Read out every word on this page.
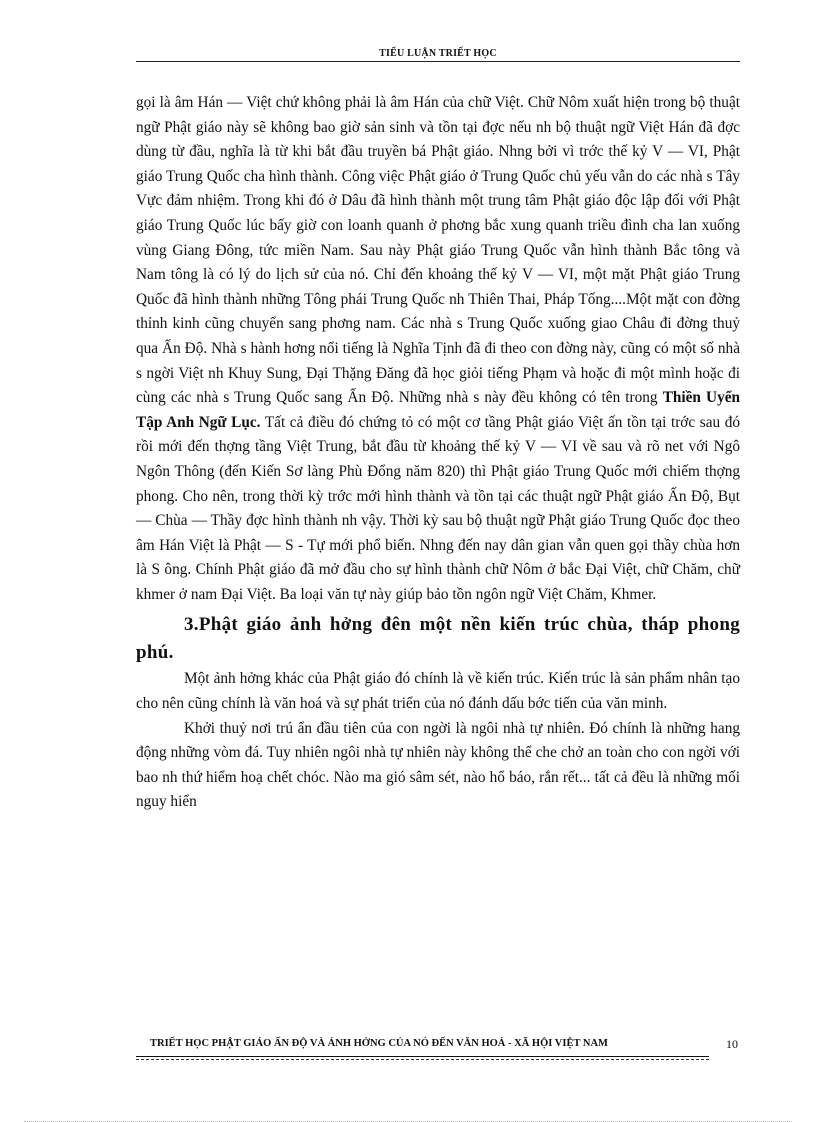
TIỂU LUẬN TRIẾT HỌC

gọi là âm Hán — Việt chứ không phải là âm Hán của chữ Việt. Chữ Nôm xuất hiện trong bộ thuật ngữ Phật giáo này sẽ không bao giờ sản sinh và tồn tại đợc nếu nh bộ thuật ngữ Việt Hán đã đợc dùng từ đầu, nghĩa là từ khi bắt đầu truyền bá Phật giáo. Nhng bởi vì trớc thế kỷ V — VI, Phật giáo Trung Quốc cha hình thành. Công việc Phật giáo ở Trung Quốc chủ yếu vẫn do các nhà s Tây Vực đảm nhiệm. Trong khi đó ở Dâu đã hình thành một trung tâm Phật giáo độc lập đối với Phật giáo Trung Quốc lúc bấy giờ con loanh quanh ở phơng bắc xung quanh triều đình cha lan xuống vùng Giang Đông, tức miền Nam. Sau này Phật giáo Trung Quốc vẫn hình thành Bắc tông và Nam tông là có lý do lịch sử của nó. Chỉ đến khoảng thế kỷ V — VI, một mặt Phật giáo Trung Quốc đã hình thành những Tông phái Trung Quốc nh Thiên Thai, Pháp Tống....Một mặt con đờng thỉnh kinh cũng chuyển sang phơng nam. Các nhà s Trung Quốc xuống giao Châu đi đờng thuỷ qua Ấn Độ. Nhà s hành hơng nổi tiếng là Nghĩa Tịnh đã đi theo con đờng này, cũng có một số nhà s ngời Việt nh Khuy Sung, Đại Thặng Đăng đã học giỏi tiếng Phạm và hoặc đi một mình hoặc đi cùng các nhà s Trung Quốc sang Ấn Độ. Những nhà s này đều không có tên trong Thiền Uyển Tập Anh Ngữ Lục. Tất cả điều đó chứng tỏ có một cơ tầng Phật giáo Việt ấn tồn tại trớc sau đó rồi mới đến thợng tầng Việt Trung, bắt đầu từ khoảng thế kỷ V — VI về sau và rõ net với Ngô Ngôn Thông (đến Kiến Sơ làng Phù Đổng năm 820) thì Phật giáo Trung Quốc mới chiếm thợng phong. Cho nên, trong thời kỳ trớc mới hình thành và tồn tại các thuật ngữ Phật giáo Ấn Độ, Bụt — Chùa — Thầy đợc hình thành nh vậy. Thời kỳ sau bộ thuật ngữ Phật giáo Trung Quốc đọc theo âm Hán Việt là Phật — S - Tự mới phổ biến. Nhng đến nay dân gian vẫn quen gọi thầy chùa hơn là S ông. Chính Phật giáo đã mở đầu cho sự hình thành chữ Nôm ở bắc Đại Việt, chữ Chăm, chữ khmer ở nam Đại Việt. Ba loại văn tự này giúp bảo tồn ngôn ngữ Việt Chăm, Khmer.

3.Phật giáo ảnh hởng đên một nền kiến trúc chùa, tháp phong phú.

Một ảnh hởng khác của Phật giáo đó chính là về kiến trúc. Kiến trúc là sản phẩm nhân tạo cho nên cũng chính là văn hoá và sự phát triển của nó đánh dấu bớc tiến của văn minh.

Khởi thuỷ nơi trú ẩn đầu tiên của con ngời là ngôi nhà tự nhiên. Đó chính là những hang động những vòm đá. Tuy nhiên ngôi nhà tự nhiên này không thể che chở an toàn cho con ngời với bao nh thứ hiểm hoạ chết chóc. Nào ma gió sâm sét, nào hổ báo, rắn rết... tất cả đều là những mối nguy hiển

TRIẾT HỌC PHẬT GIÁO ẤN ĐỘ VÀ ẢNH HỞNG CỦA NÓ ĐẾN VĂN HOÁ - XÃ HỘI VIỆT NAM	10
